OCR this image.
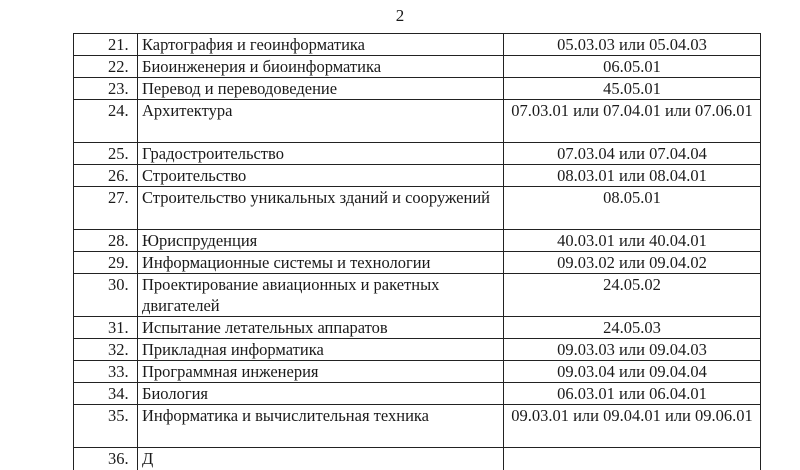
2
21.	Картография и геоинформатика	05.03.03 или 05.04.03
22.	Биоинженерия и биоинформатика	06.05.01
23.	Перевод и переводоведение	45.05.01
24.	Архитектура	07.03.01 или 07.04.01 или 07.06.01
25.	Градостроительство	07.03.04 или 07.04.04
26.	Строительство	08.03.01 или 08.04.01
27.	Строительство уникальных зданий и сооружений	08.05.01
28.	Юриспруденция	40.03.01 или 40.04.01
29.	Информационные системы и технологии	09.03.02 или 09.04.02
30.	Проектирование авиационных и ракетных двигателей	24.05.02
31.	Испытание летательных аппаратов	24.05.03
32.	Прикладная информатика	09.03.03 или 09.04.03
33.	Программная инженерия	09.03.04 или 09.04.04
34.	Биология	06.03.01 или 06.04.01
35.	Информатика и вычислительная техника	09.03.01 или 09.04.01 или 09.06.01

36.	Д	
